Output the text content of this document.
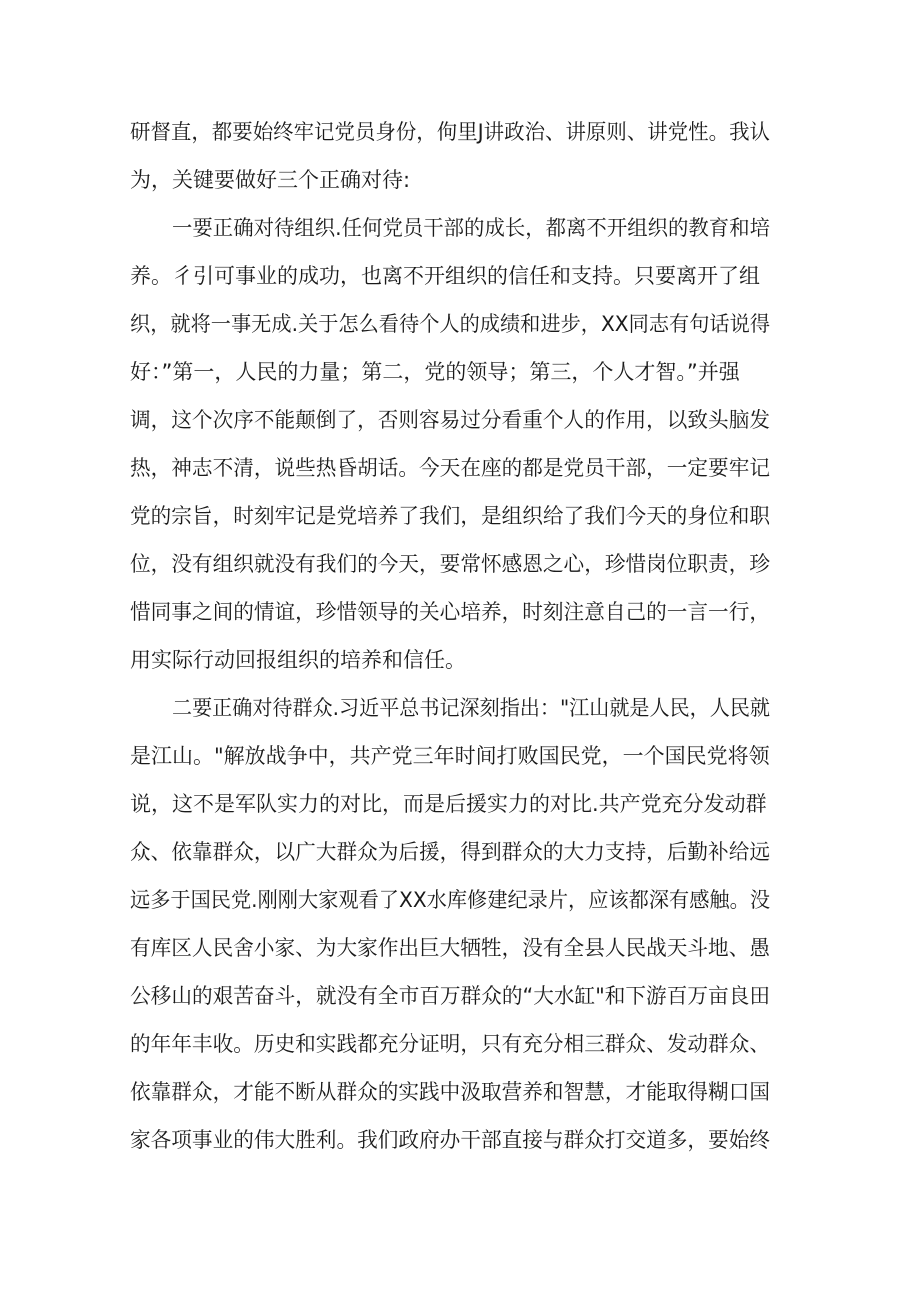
研督直，都要始终牢记党员身份，佝里J讲政治、讲原则、讲党性。我认
为，关键要做好三个正确对待:
一要正确对待组织.任何党员干部的成长，都离不开组织的教育和培
养。彳引可事业的成功，也离不开组织的信任和支持。只要离开了组
织，就将一事无成.关于怎么看待个人的成绩和进步，XX同志有句话说得
好：”第一，人民的力量；第二，党的领导；第三，个人才智。”并强
调，这个次序不能颠倒了，否则容易过分看重个人的作用，以致头脑发
热，神志不清，说些热昏胡话。今天在座的都是党员干部，一定要牢记
党的宗旨，时刻牢记是党培养了我们，是组织给了我们今天的身位和职
位，没有组织就没有我们的今天，要常怀感恩之心，珍惜岗位职责，珍
惜同事之间的情谊，珍惜领导的关心培养，时刻注意自己的一言一行，
用实际行动回报组织的培养和信任。
二要正确对待群众.习近平总书记深刻指出："江山就是人民，人民就
是江山。"解放战争中，共产党三年时间打败国民党，一个国民党将领
说，这不是军队实力的对比，而是后援实力的对比.共产党充分发动群
众、依靠群众，以广大群众为后援，得到群众的大力支持，后勤补给远
远多于国民党.刚刚大家观看了XX水库修建纪录片，应该都深有感触。没
有库区人民舍小家、为大家作出巨大牺牲，没有全县人民战天斗地、愚
公移山的艰苦奋斗，就没有全市百万群众的“大水缸"和下游百万亩良田
的年年丰收。历史和实践都充分证明，只有充分相三群众、发动群众、
依靠群众，才能不断从群众的实践中汲取营养和智慧，才能取得糊口国
家各项事业的伟大胜利。我们政府办干部直接与群众打交道多，要始终
